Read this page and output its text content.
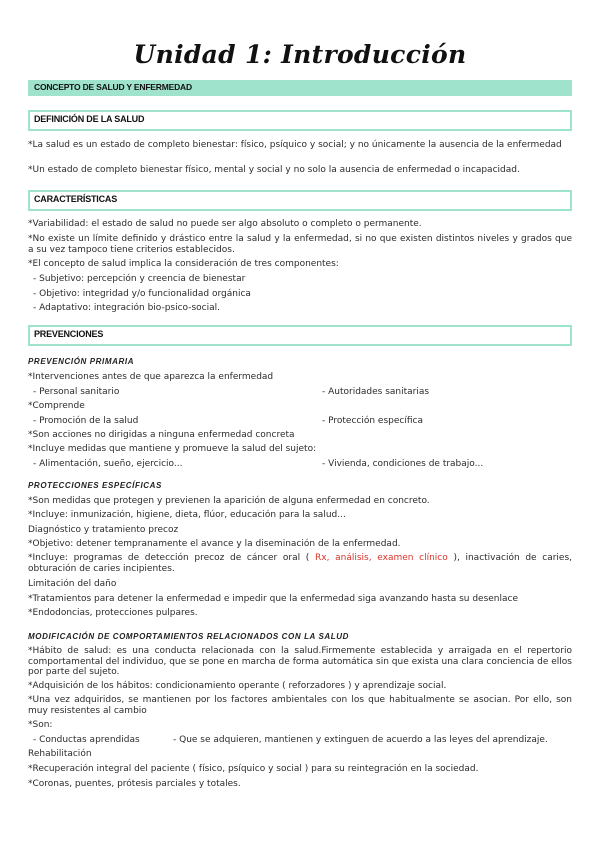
Unidad 1: Introducción
CONCEPTO DE SALUD Y ENFERMEDAD
DEFINICIÓN DE LA SALUD
*La salud es un estado de completo bienestar: físico, psíquico y social; y no únicamente la ausencia de la enfermedad
*Un estado de completo bienestar físico, mental y social y no solo la ausencia de enfermedad o incapacidad.
CARACTERÍSTICAS
*Variabilidad: el estado de salud no puede ser algo absoluto o completo o permanente.
*No existe un límite definido y drástico entre la salud y la enfermedad, si no que existen distintos niveles y grados que a su vez tampoco tiene criterios establecidos.
*El concepto de salud implica la consideración de tres componentes:
- Subjetivo: percepción y creencia de bienestar
- Objetivo: integridad y/o funcionalidad orgánica
- Adaptativo: integración bio-psico-social.
PREVENCIONES
PREVENCIÓN PRIMARIA
*Intervenciones antes de que aparezca la enfermedad
- Personal sanitario	- Autoridades sanitarias
*Comprende
- Promoción de la salud	- Protección específica
*Son acciones no dirigidas a ninguna enfermedad concreta
*Incluye medidas que mantiene y promueve la salud del sujeto:
- Alimentación, sueño, ejercicio...	- Vivienda, condiciones de trabajo...
PROTECCIONES ESPECÍFICAS
*Son medidas que protegen y previenen la aparición de alguna enfermedad en concreto.
*Incluye: inmunización, higiene, dieta, flúor, educación para la salud...
Diagnóstico y tratamiento precoz
*Objetivo: detener tempranamente el avance y la diseminación de la enfermedad.
*Incluye: programas de detección precoz de cáncer oral ( Rx, análisis, examen clínico ), inactivación de caries, obturación de caries incipientes.
Limitación del daño
*Tratamientos para detener la enfermedad e impedir que la enfermedad siga avanzando hasta su desenlace
*Endodoncias, protecciones pulpares.
MODIFICACIÓN DE COMPORTAMIENTOS RELACIONADOS CON LA SALUD
*Hábito de salud: es una conducta relacionada con la salud.Firmemente establecida y arraigada en el repertorio comportamental del individuo, que se pone en marcha de forma automática sin que exista una clara conciencia de ellos por parte del sujeto.
*Adquisición de los hábitos: condicionamiento operante ( reforzadores ) y aprendizaje social.
*Una vez adquiridos, se mantienen por los factores ambientales con los que habitualmente se asocian. Por ello, son muy resistentes al cambio
*Son:
- Conductas aprendidas	- Que se adquieren, mantienen y extinguen de acuerdo a las leyes del aprendizaje.
Rehabilitación
*Recuperación integral del paciente ( físico, psíquico y social ) para su reintegración en la sociedad.
*Coronas, puentes, prótesis parciales y totales.
